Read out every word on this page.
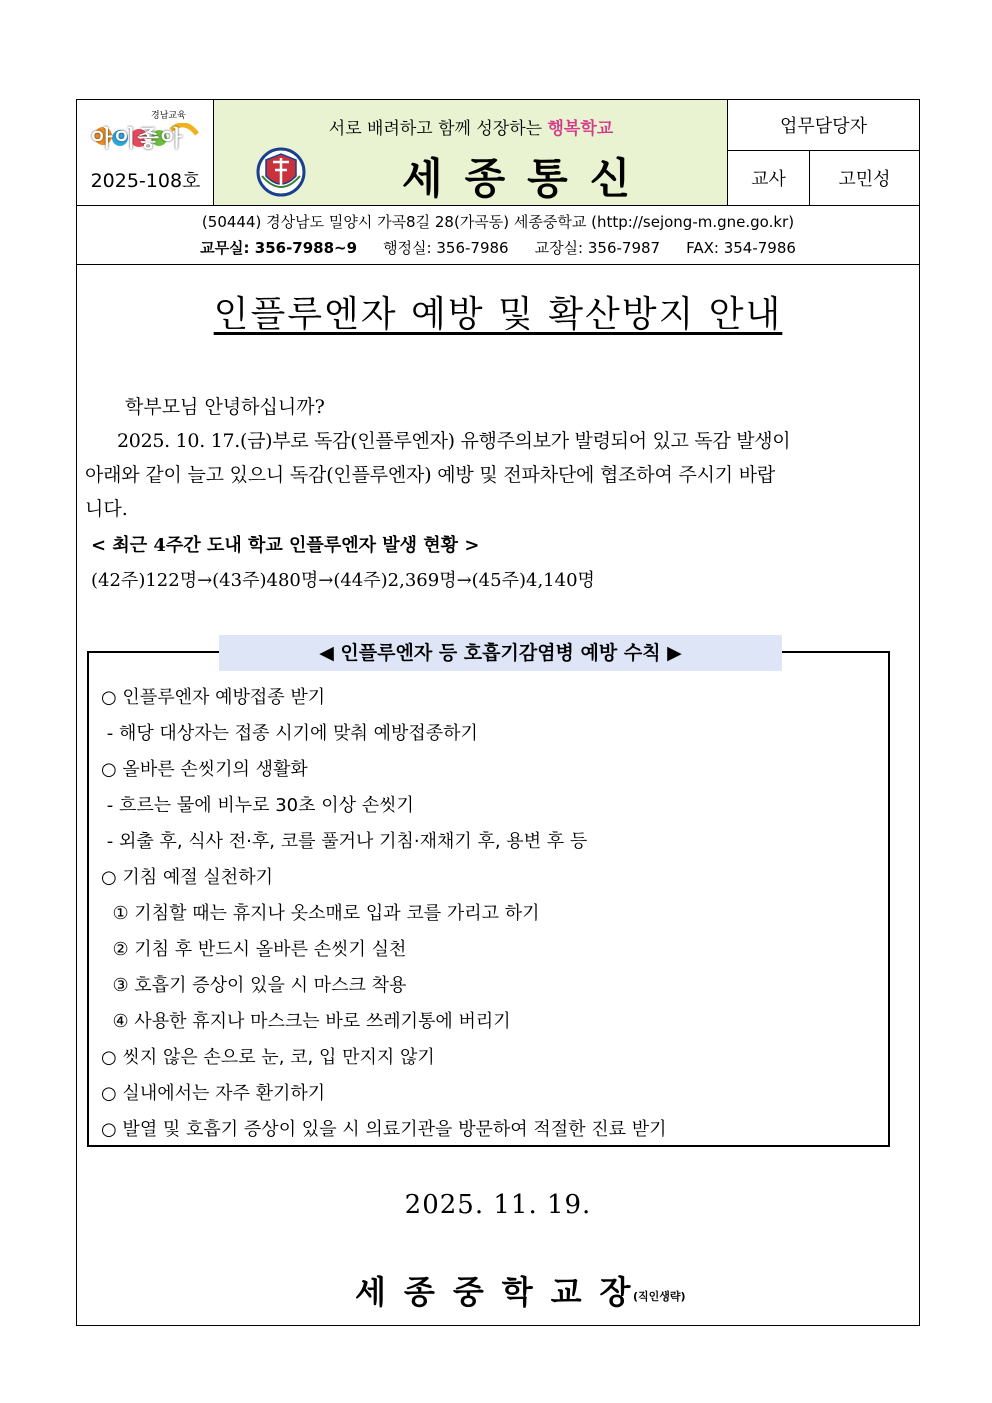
경남교육
아이좋아
2025-108호
서로 배려하고 함께 성장하는 행복학교
세종통신
업무담당자
교사	고민성
(50444) 경상남도 밀양시 가곡8길 28(가곡동) 세종중학교 (http://sejong-m.gne.go.kr)
교무실: 356-7988~9 행정실: 356-7986 교장실: 356-7987 FAX: 354-7986
인플루엔자 예방 및 확산방지 안내
학부모님 안녕하십니까?
2025. 10. 17.(금)부로 독감(인플루엔자) 유행주의보가 발령되어 있고 독감 발생이
아래와 같이 늘고 있으니 독감(인플루엔자) 예방 및 전파차단에 협조하여 주시기 바랍
니다.
< 최근 4주간 도내 학교 인플루엔자 발생 현황 >
(42주)122명→(43주)480명→(44주)2,369명→(45주)4,140명
◀ 인플루엔자 등 호흡기감염병 예방 수칙 ▶
○ 인플루엔자 예방접종 받기
- 해당 대상자는 접종 시기에 맞춰 예방접종하기
○ 올바른 손씻기의 생활화
- 흐르는 물에 비누로 30초 이상 손씻기
- 외출 후, 식사 전·후, 코를 풀거나 기침·재채기 후, 용변 후 등
○ 기침 예절 실천하기
① 기침할 때는 휴지나 옷소매로 입과 코를 가리고 하기
② 기침 후 반드시 올바른 손씻기 실천
③ 호흡기 증상이 있을 시 마스크 착용
④ 사용한 휴지나 마스크는 바로 쓰레기통에 버리기
○ 씻지 않은 손으로 눈, 코, 입 만지지 않기
○ 실내에서는 자주 환기하기
○ 발열 및 호흡기 증상이 있을 시 의료기관을 방문하여 적절한 진료 받기
2025. 11. 19.
세종중학교장
(직인생략)
